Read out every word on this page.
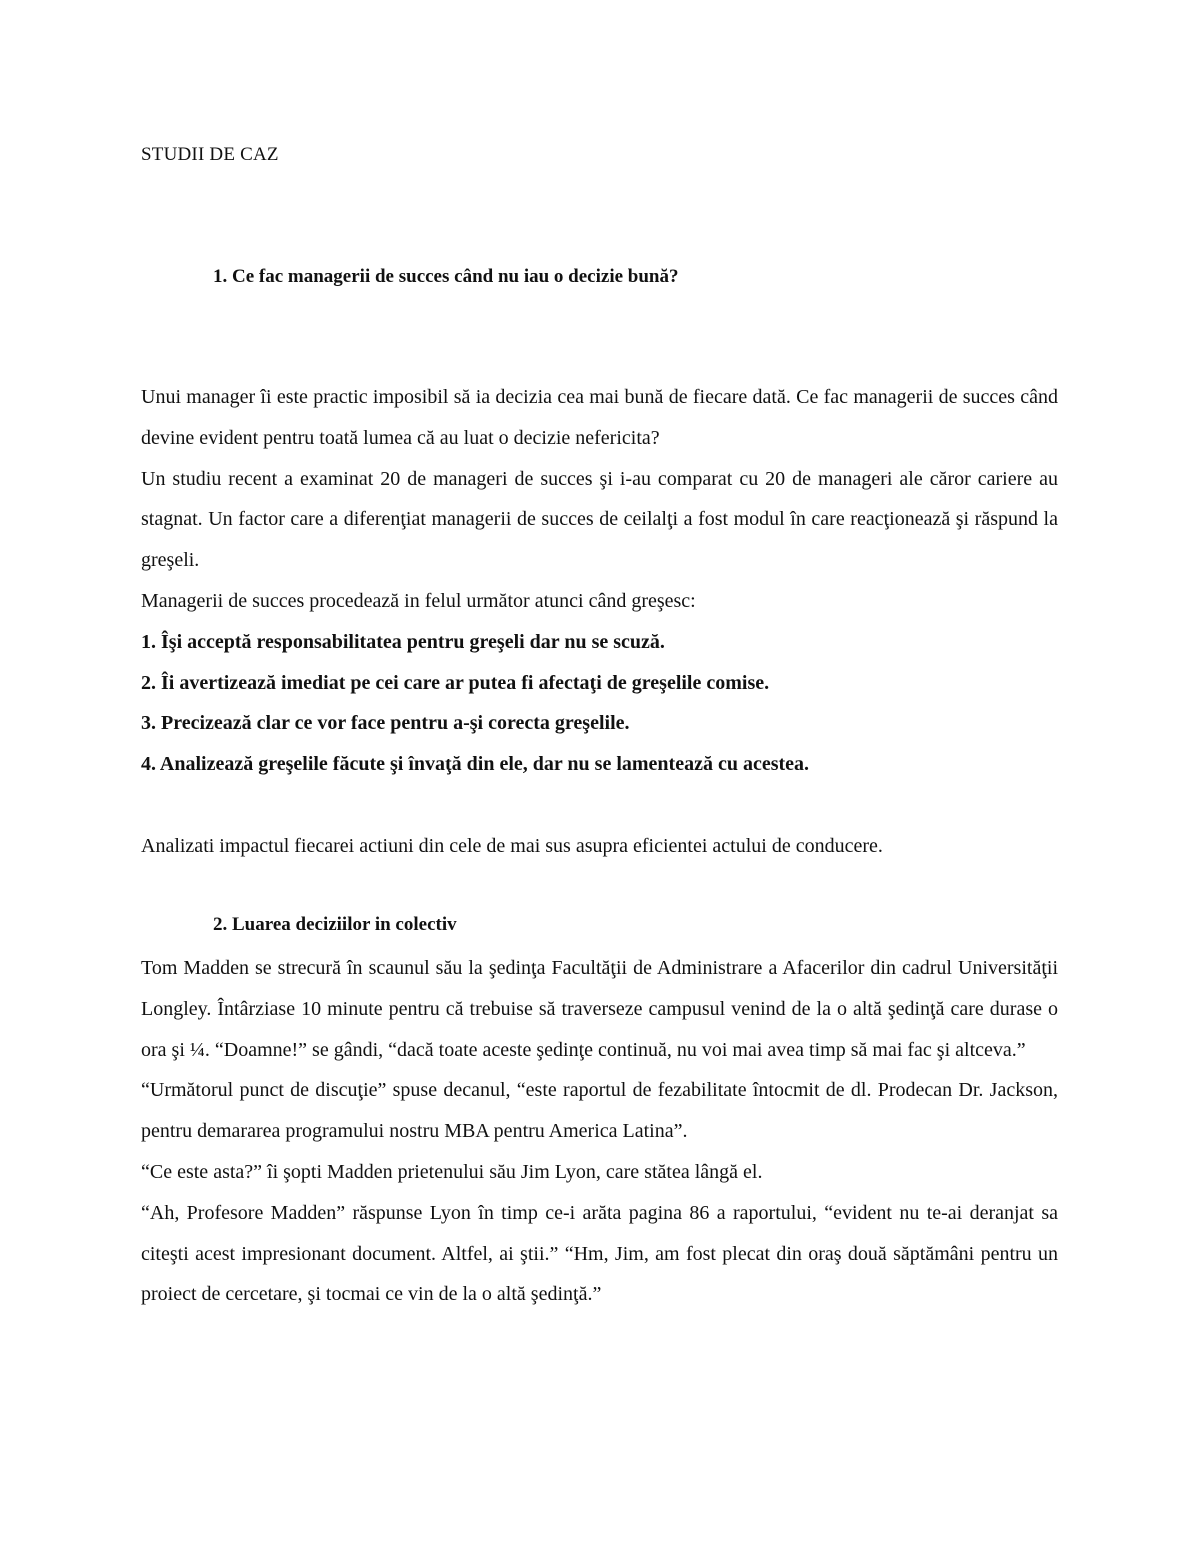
STUDII DE CAZ
1. Ce fac managerii de succes când nu iau o decizie bună?

Unui manager îi este practic imposibil să ia decizia cea mai bună de fiecare dată. Ce fac managerii de succes când devine evident pentru toată lumea că au luat o decizie nefericita?

Un studiu recent a examinat 20 de manageri de succes şi i-au comparat cu 20 de manageri ale căror cariere au stagnat. Un factor care a diferenţiat managerii de succes de ceilalţi a fost modul în care reacţionează şi răspund la greşeli.

Managerii de succes procedează in felul următor atunci când greşesc:

1. Îşi acceptă responsabilitatea pentru greşeli dar nu se scuză.

2. Îi avertizează imediat pe cei care ar putea fi afectaţi de greşelile comise.

3. Precizează clar ce vor face pentru a-şi corecta greşelile.

4. Analizează greşelile făcute şi învaţă din ele, dar nu se lamentează cu acestea.

Analizati impactul fiecarei actiuni din cele de mai sus asupra eficientei actului de conducere.

2. Luarea deciziilor in colectiv

Tom Madden se strecură în scaunul său la şedinţa Facultăţii de Administrare a Afacerilor din cadrul Universităţii Longley. Întârziase 10 minute pentru că trebuise să traverseze campusul venind de la o altă şedinţă care durase o ora şi ¼. “Doamne!” se gândi, “dacă toate aceste şedinţe continuă, nu voi mai avea timp să mai fac şi altceva.”

“Următorul punct de discuţie” spuse decanul, “este raportul de fezabilitate întocmit de dl. Prodecan Dr. Jackson, pentru demararea programului nostru MBA pentru America Latina”.

“Ce este asta?” îi şopti Madden prietenului său Jim Lyon, care stătea lângă el.

“Ah, Profesore Madden” răspunse Lyon în timp ce-i arăta pagina 86 a raportului, “evident nu te-ai deranjat sa citeşti acest impresionant document. Altfel, ai ştii.” “Hm, Jim, am fost plecat din oraş două săptămâni pentru un proiect de cercetare, şi tocmai ce vin de la o altă şedinţă.”
